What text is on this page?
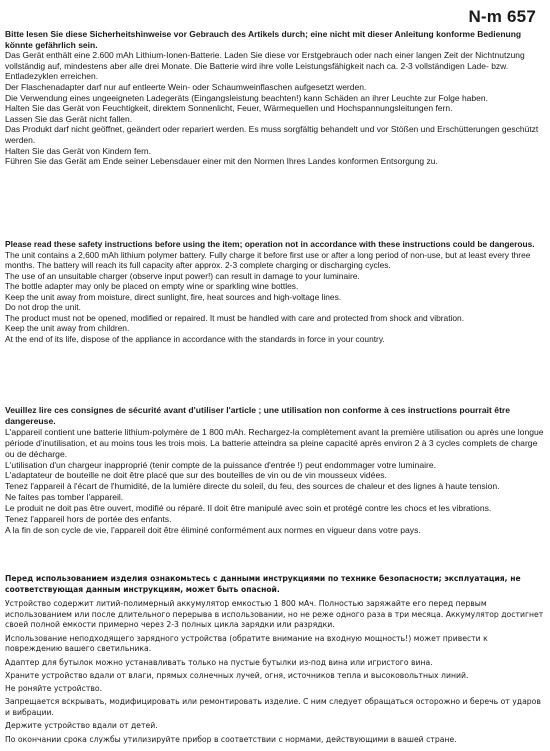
N-m 657

Bitte lesen Sie diese Sicherheitshinweise vor Gebrauch des Artikels durch; eine nicht mit dieser Anleitung konforme Bedienung könnte gefährlich sein.

Das Gerät enthält eine 2.600 mAh Lithium-Ionen-Batterie. Laden Sie diese vor Erstgebrauch oder nach einer langen Zeit der Nichtnutzung vollständig auf, mindestens aber alle drei Monate. Die Batterie wird ihre volle Leistungsfähigkeit nach ca. 2-3 vollständigen Lade- bzw. Entladezyklen erreichen.

Der Flaschenadapter darf nur auf entleerte Wein- oder Schaumweinflaschen aufgesetzt werden.

Die Verwendung eines ungeeigneten Ladegeräts (Eingangsleistung beachten!) kann Schäden an ihrer Leuchte zur Folge haben.

Halten Sie das Gerät von Feuchtigkeit, direktem Sonnenlicht, Feuer, Wärmequellen und Hochspannungsleitungen fern.

Lassen Sie das Gerät nicht fallen.

Das Produkt darf nicht geöffnet, geändert oder repariert werden. Es muss sorgfältig behandelt und vor Stößen und Erschütterungen geschützt werden.

Halten Sie das Gerät von Kindern fern.

Führen Sie das Gerät am Ende seiner Lebensdauer einer mit den Normen Ihres Landes konformen Entsorgung zu.

Please read these safety instructions before using the item; operation not in accordance with these instructions could be dangerous.

The unit contains a 2,600 mAh lithium polymer battery. Fully charge it before first use or after a long period of non-use, but at least every three months. The battery will reach its full capacity after approx. 2-3 complete charging or discharging cycles.

The use of an unsuitable charger (observe input power!) can result in damage to your luminaire.

The bottle adapter may only be placed on empty wine or sparkling wine bottles.

Keep the unit away from moisture, direct sunlight, fire, heat sources and high-voltage lines.

Do not drop the unit.

The product must not be opened, modified or repaired. It must be handled with care and protected from shock and vibration.

Keep the unit away from children.

At the end of its life, dispose of the appliance in accordance with the standards in force in your country.

Veuillez lire ces consignes de sécurité avant d'utiliser l'article ; une utilisation non conforme à ces instructions pourrait être dangereuse.

L'appareil contient une batterie lithium-polymère de 1 800 mAh. Rechargez-la complètement avant la première utilisation ou après une longue période d'inutilisation, et au moins tous les trois mois. La batterie atteindra sa pleine capacité après environ 2 à 3 cycles complets de charge ou de décharge.

L'utilisation d'un chargeur inapproprié (tenir compte de la puissance d'entrée !) peut endommager votre luminaire.

L'adaptateur de bouteille ne doit être placé que sur des bouteilles de vin ou de vin mousseux vidées.

Tenez l'appareil à l'écart de l'humidité, de la lumière directe du soleil, du feu, des sources de chaleur et des lignes à haute tension.

Ne faites pas tomber l'appareil.

Le produit ne doit pas être ouvert, modifié ou réparé. Il doit être manipulé avec soin et protégé contre les chocs et les vibrations.

Tenez l'appareil hors de portée des enfants.

A la fin de son cycle de vie, l'appareil doit être éliminé conformément aux normes en vigueur dans votre pays.

Перед использованием изделия ознакомьтесь с данными инструкциями по технике безопасности; эксплуатация, не соответствующая данным инструкциям, может быть опасной.

Устройство содержит литий-полимерный аккумулятор емкостью 1 800 мАч. Полностью заряжайте его перед первым использованием или после длительного перерыва в использовании, но не реже одного раза в три месяца. Аккумулятор достигнет своей полной емкости примерно через 2-3 полных цикла зарядки или разрядки.

Использование неподходящего зарядного устройства (обратите внимание на входную мощность!) может привести к повреждению вашего светильника.

Адаптер для бутылок можно устанавливать только на пустые бутылки из-под вина или игристого вина.

Храните устройство вдали от влаги, прямых солнечных лучей, огня, источников тепла и высоковольтных линий.

Не роняйте устройство.

Запрещается вскрывать, модифицировать или ремонтировать изделие. С ним следует обращаться осторожно и беречь от ударов и вибрации.

Держите устройство вдали от детей.

По окончании срока службы утилизируйте прибор в соответствии с нормами, действующими в вашей стране.
